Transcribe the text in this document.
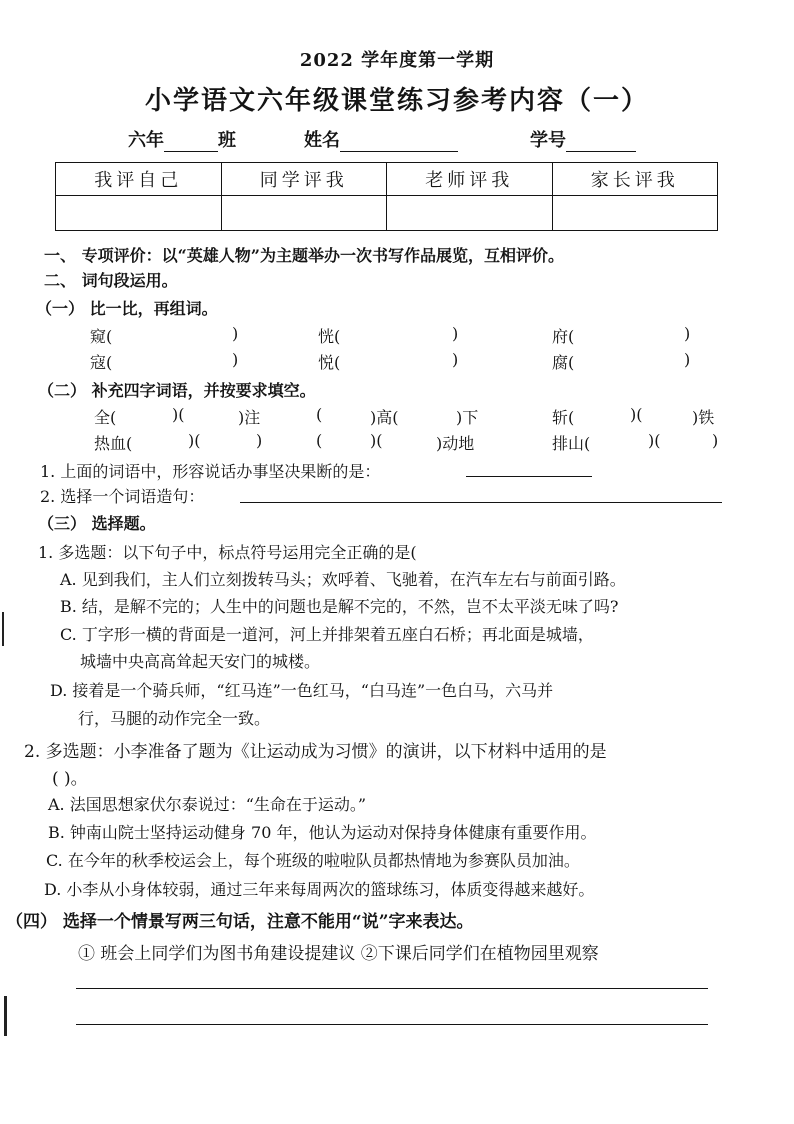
2022 学年度第一学期
小学语文六年级课堂练习参考内容（一）
六年	班	姓名	学号
我评自己	同学评我	老师评我	家长评我

一、 专项评价：以“英雄人物”为主题举办一次书写作品展览，互相评价。
二、 词句段运用。
（一） 比一比，再组词。
窥(	)	恍(	)	府(	)
寇(	)	悦(	)	腐(	)
（二） 补充四字词语，并按要求填空。
全(	)(	)注	(	)高(	)下	斩(	)(	)铁
热血(	)(	)	(	)(	)动地	排山(	)(	)
1. 上面的词语中，形容说话办事坚决果断的是：
2. 选择一个词语造句：
（三） 选择题。
1. 多选题：以下句子中，标点符号运用完全正确的是(
A. 见到我们，主人们立刻拨转马头；欢呼着、飞驰着，在汽车左右与前面引路。
B. 结，是解不完的；人生中的问题也是解不完的，不然，岂不太平淡无味了吗?
C. 丁字形一横的背面是一道河，河上并排架着五座白石桥；再北面是城墙，
城墙中央高高耸起天安门的城楼。
D. 接着是一个骑兵师，“红马连”一色红马，“白马连”一色白马，六马并
行，马腿的动作完全一致。
2. 多选题：小李准备了题为《让运动成为习惯》的演讲，以下材料中适用的是
( )。
A. 法国思想家伏尔泰说过：“生命在于运动。”
B. 钟南山院士坚持运动健身 70 年，他认为运动对保持身体健康有重要作用。
C. 在今年的秋季校运会上，每个班级的啦啦队员都热情地为参赛队员加油。
D. 小李从小身体较弱，通过三年来每周两次的篮球练习，体质变得越来越好。
（四） 选择一个情景写两三句话，注意不能用“说”字来表达。
① 班会上同学们为图书角建设提建议 ②下课后同学们在植物园里观察
